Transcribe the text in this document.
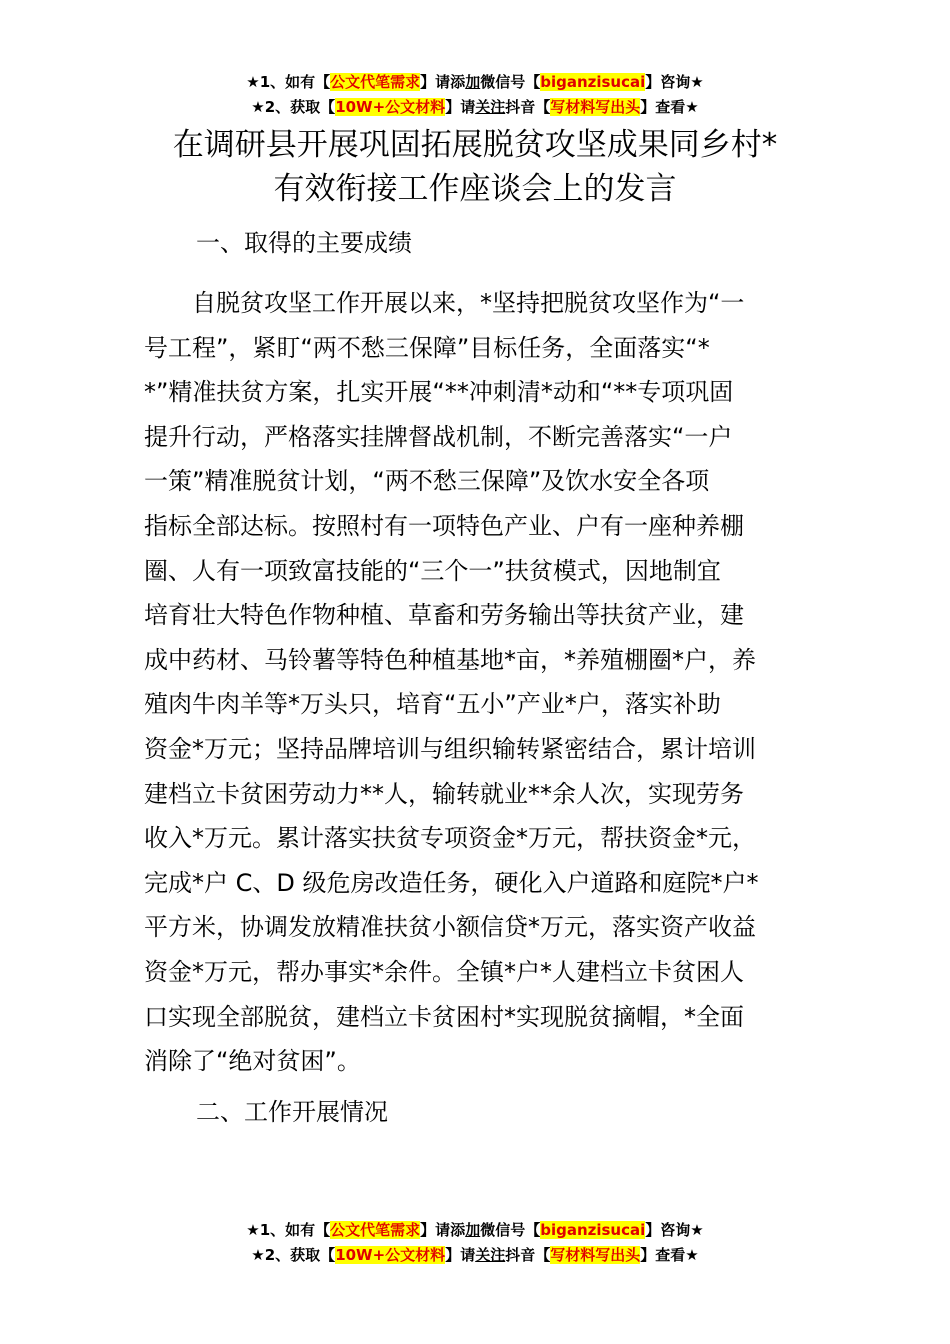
★1、如有【公文代笔需求】请添加微信号【biganzisucai】咨询★
★2、获取【10W+公文材料】请关注抖音【写材料写出头】查看★
在调研县开展巩固拓展脱贫攻坚成果同乡村*
有效衔接工作座谈会上的发言
一、取得的主要成绩
　　自脱贫攻坚工作开展以来，*坚持把脱贫攻坚作为“一
号工程”，紧盯“两不愁三保障”目标任务，全面落实“*
*”精准扶贫方案，扎实开展“**冲刺清*动和“**专项巩固
提升行动，严格落实挂牌督战机制，不断完善落实“一户
一策”精准脱贫计划，“两不愁三保障”及饮水安全各项
指标全部达标。按照村有一项特色产业、户有一座种养棚
圈、人有一项致富技能的“三个一”扶贫模式，因地制宜
培育壮大特色作物种植、草畜和劳务输出等扶贫产业，建
成中药材、马铃薯等特色种植基地*亩，*养殖棚圈*户，养
殖肉牛肉羊等*万头只，培育“五小”产业*户，落实补助
资金*万元；坚持品牌培训与组织输转紧密结合，累计培训
建档立卡贫困劳动力**人，输转就业**余人次，实现劳务
收入*万元。累计落实扶贫专项资金*万元，帮扶资金*元，
完成*户 C、D 级危房改造任务，硬化入户道路和庭院*户*
平方米，协调发放精准扶贫小额信贷*万元，落实资产收益
资金*万元，帮办事实*余件。全镇*户*人建档立卡贫困人
口实现全部脱贫，建档立卡贫困村*实现脱贫摘帽，*全面
消除了“绝对贫困”。
二、工作开展情况
★1、如有【公文代笔需求】请添加微信号【biganzisucai】咨询★
★2、获取【10W+公文材料】请关注抖音【写材料写出头】查看★
